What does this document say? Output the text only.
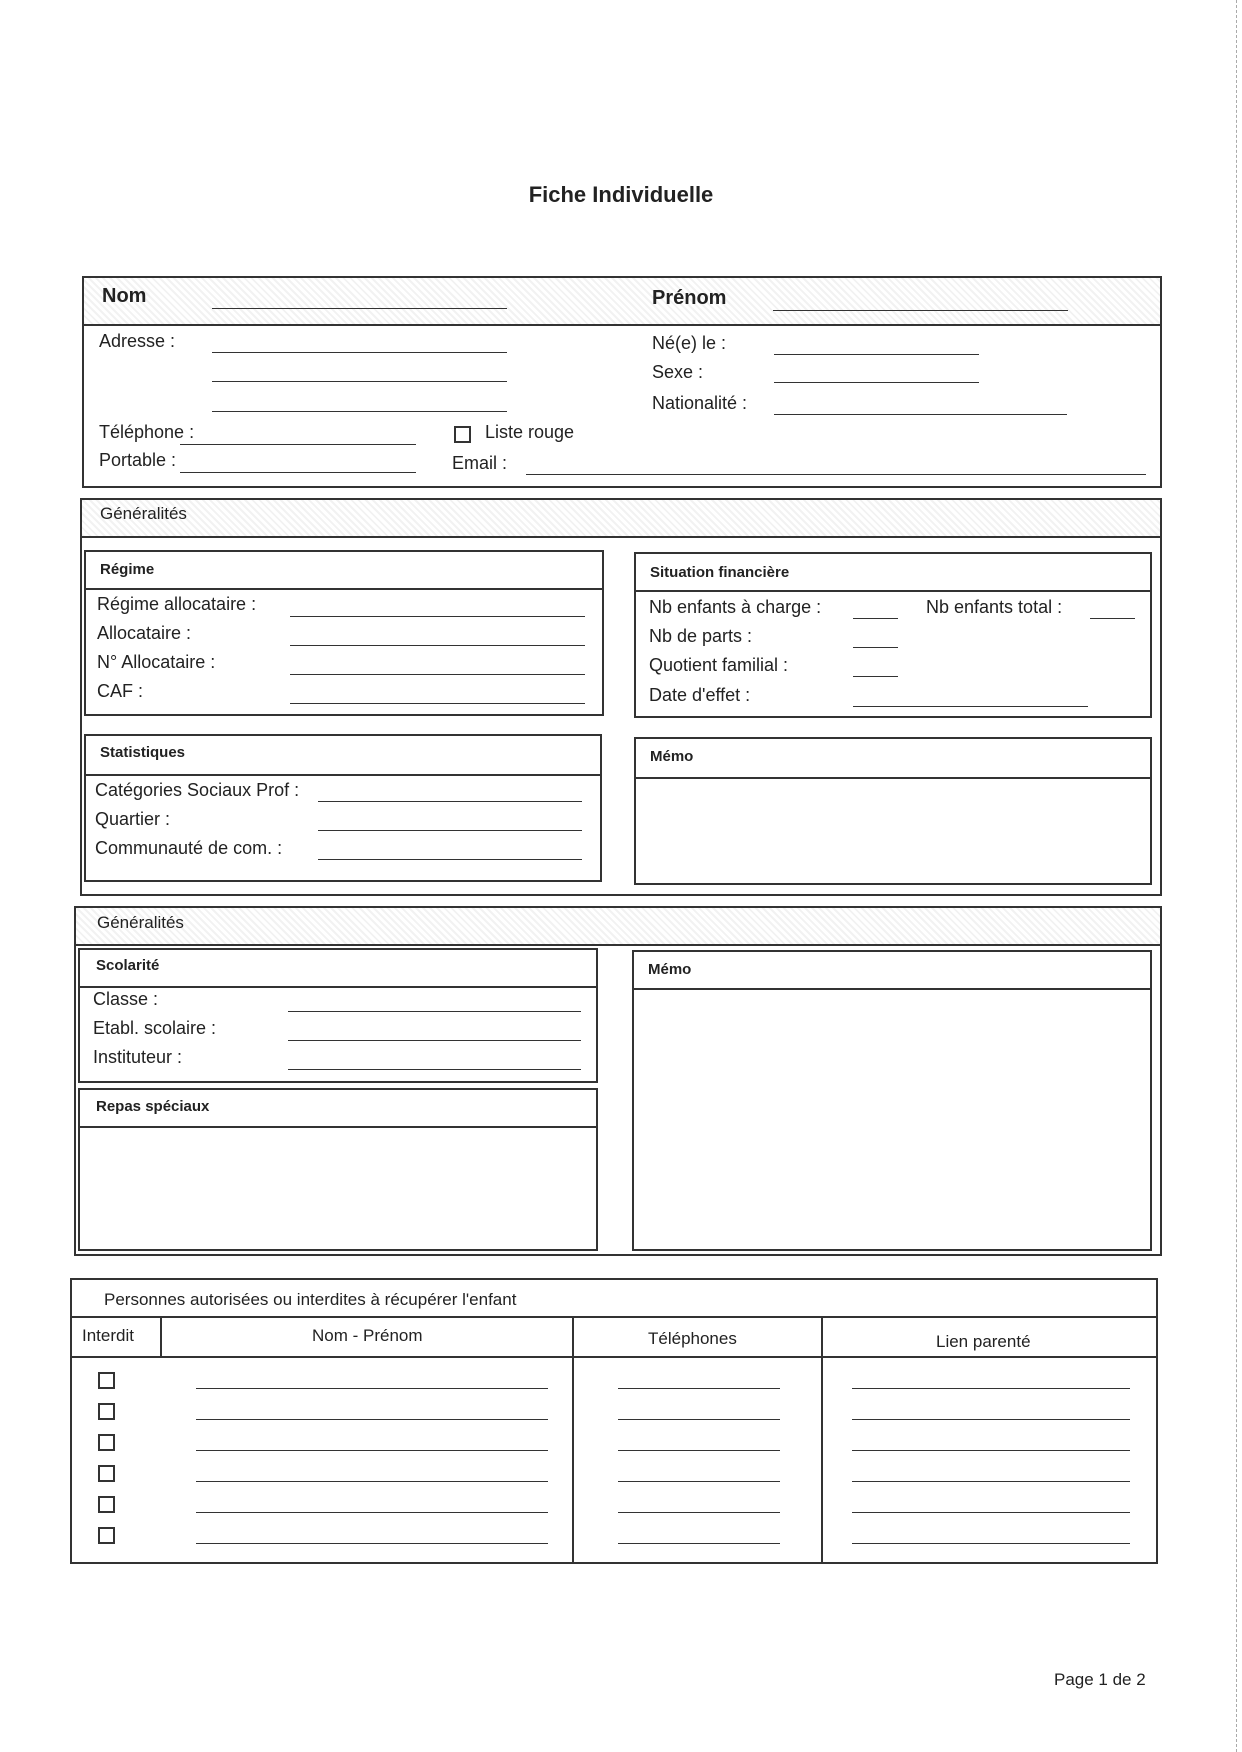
Fiche Individuelle
Nom	Prénom
Adresse :	Né(e) le :
Sexe :
Nationalité :
Téléphone :	Liste rouge
Portable :	Email :
Généralités
Régime
Régime allocataire :
Allocataire :
N° Allocataire :
CAF :
Situation financière
Nb enfants à charge :	Nb enfants total :
Nb de parts :
Quotient familial :
Date d'effet :
Statistiques
Catégories Sociaux Prof :
Quartier :
Communauté de com. :
Mémo
Généralités
Scolarité
Classe :
Etabl. scolaire :
Instituteur :
Repas spéciaux
Mémo
Personnes autorisées ou interdites à récupérer l'enfant
Interdit	Nom - Prénom	Téléphones	Lien parenté
Page 1 de 2
